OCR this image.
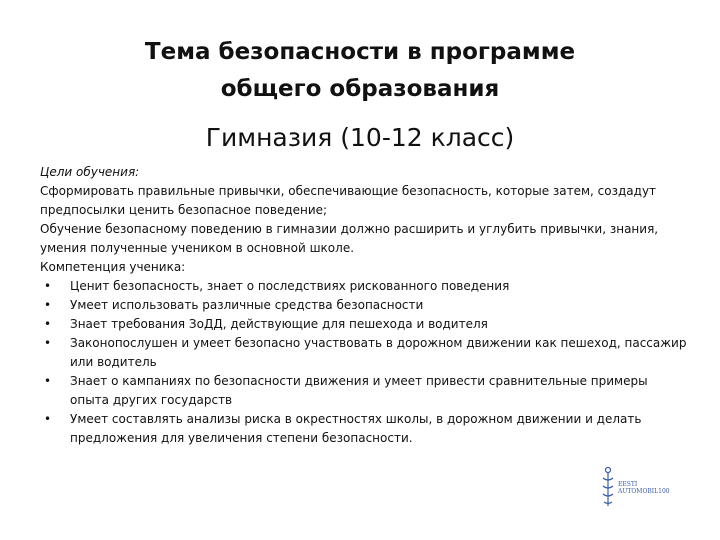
Тема безопасности в программе
общего образования
Гимназия (10-12 класс)

Цели обучения:

Сформировать правильные привычки, обеспечивающие безопасность, которые затем, создадут предпосылки ценить безопасное поведение;

Обучение безопасному поведению в гимназии должно расширить и углубить привычки, знания, умения полученные учеником в основной школе.

Компетенция ученика:

• Ценит безопасность, знает о последствиях рискованного поведения
• Умеет использовать различные средства безопасности
• Знает требования ЗоДД, действующие для пешехода и водителя
• Законопослушен и умеет безопасно участвовать в дорожном движении как пешеход, пассажир или водитель
• Знает о кампаниях по безопасности движения и умеет привести сравнительные примеры опыта других государств
• Умеет составлять анализы риска в окрестностях школы, в дорожном движении и делать предложения для увеличения степени безопасности.
EESTI
AUTOMOBIL100
